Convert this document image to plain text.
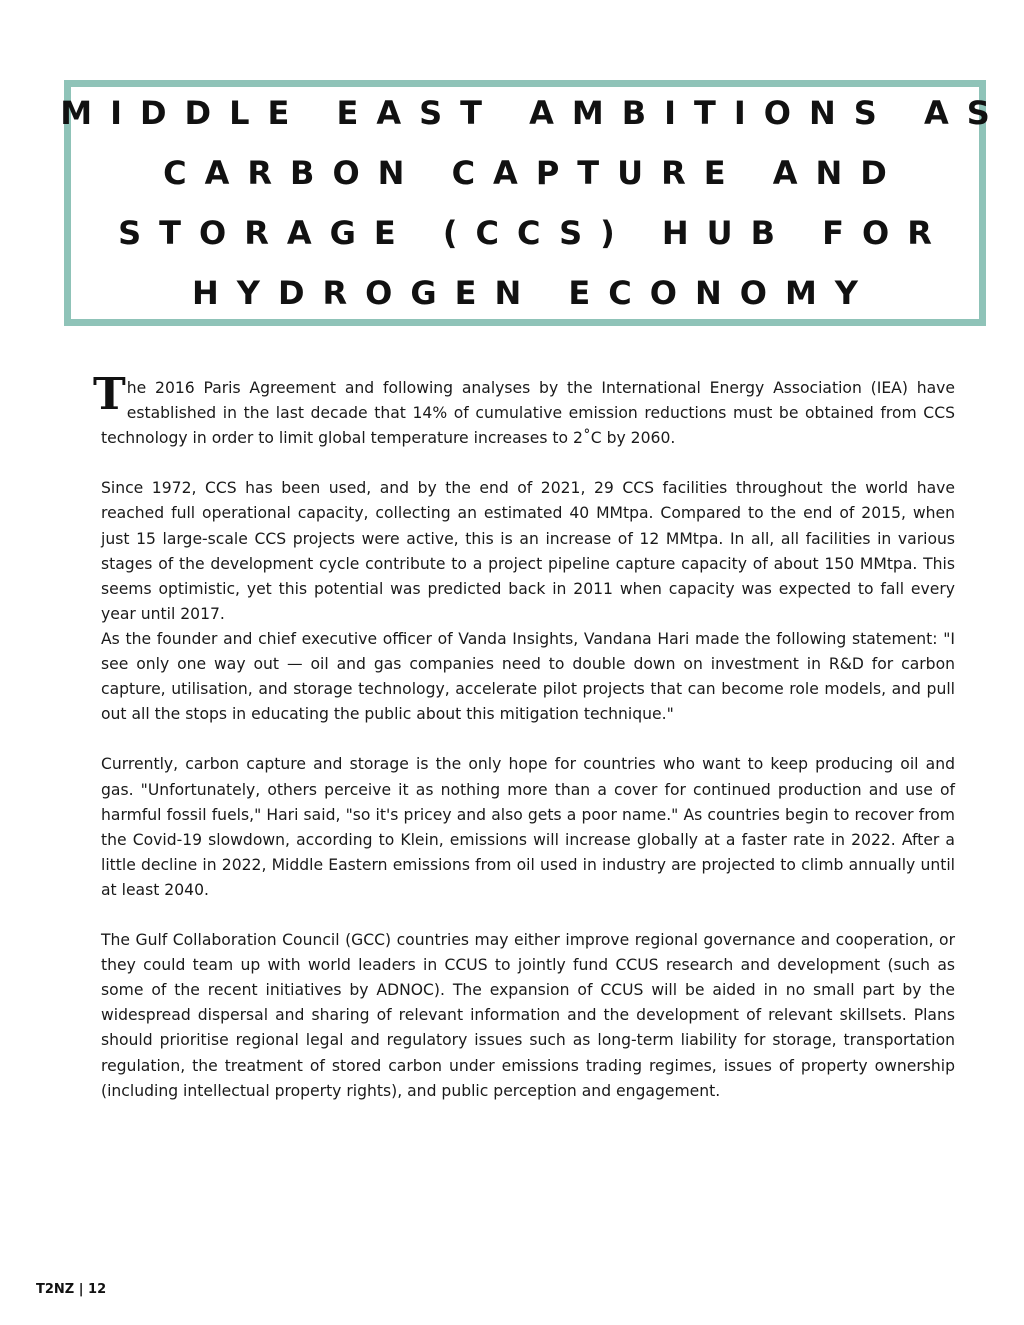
MIDDLE EAST AMBITIONS AS
CARBON CAPTURE AND
STORAGE (CCS) HUB FOR
HYDROGEN ECONOMY

The 2016 Paris Agreement and following analyses by the International Energy Association (IEA) have established in the last decade that 14% of cumulative emission reductions must be obtained from CCS technology in order to limit global temperature increases to 2˚C by 2060.

Since 1972, CCS has been used, and by the end of 2021, 29 CCS facilities throughout the world have reached full operational capacity, collecting an estimated 40 MMtpa. Compared to the end of 2015, when just 15 large-scale CCS projects were active, this is an increase of 12 MMtpa. In all, all facilities in various stages of the development cycle contribute to a project pipeline capture capacity of about 150 MMtpa. This seems optimistic, yet this potential was predicted back in 2011 when capacity was expected to fall every year until 2017.

As the founder and chief executive officer of Vanda Insights, Vandana Hari made the following statement: "I see only one way out — oil and gas companies need to double down on investment in R&D for carbon capture, utilisation, and storage technology, accelerate pilot projects that can become role models, and pull out all the stops in educating the public about this mitigation technique."

Currently, carbon capture and storage is the only hope for countries who want to keep producing oil and gas. "Unfortunately, others perceive it as nothing more than a cover for continued production and use of harmful fossil fuels," Hari said, "so it's pricey and also gets a poor name." As countries begin to recover from the Covid-19 slowdown, according to Klein, emissions will increase globally at a faster rate in 2022. After a little decline in 2022, Middle Eastern emissions from oil used in industry are projected to climb annually until at least 2040.

The Gulf Collaboration Council (GCC) countries may either improve regional governance and cooperation, or they could team up with world leaders in CCUS to jointly fund CCUS research and development (such as some of the recent initiatives by ADNOC). The expansion of CCUS will be aided in no small part by the widespread dispersal and sharing of relevant information and the development of relevant skillsets. Plans should prioritise regional legal and regulatory issues such as long-term liability for storage, transportation regulation, the treatment of stored carbon under emissions trading regimes, issues of property ownership (including intellectual property rights), and public perception and engagement.

T2NZ | 12
